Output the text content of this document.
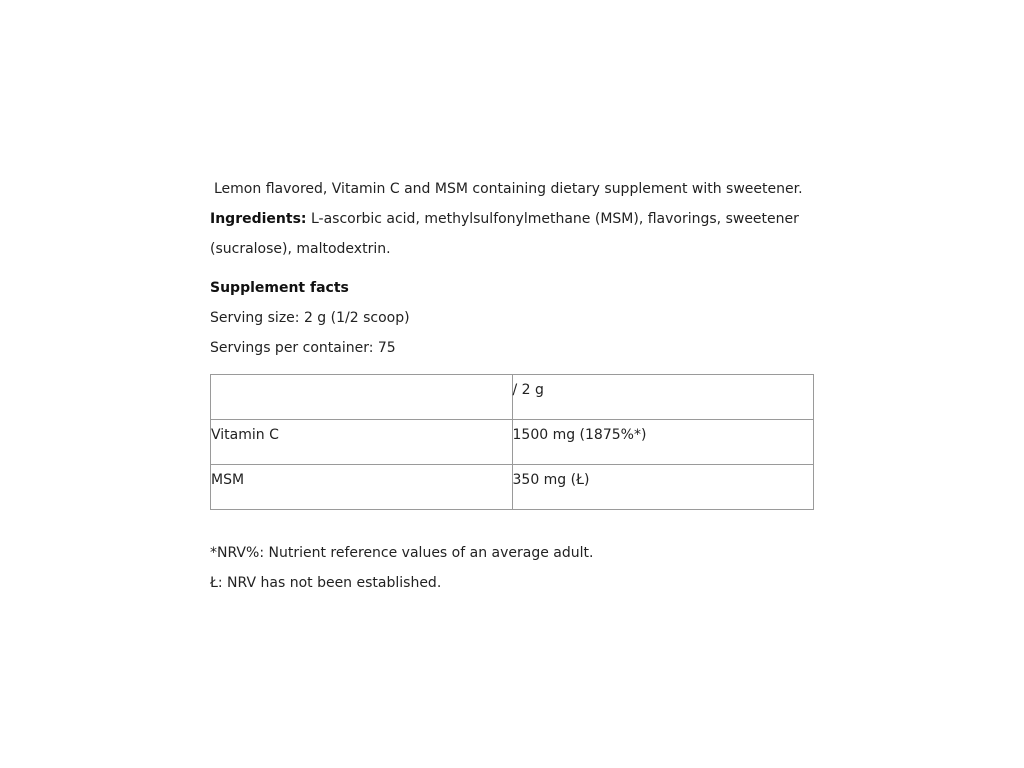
Lemon flavored, Vitamin C and MSM containing dietary supplement with sweetener.
Ingredients: L-ascorbic acid, methylsulfonylmethane (MSM), flavorings, sweetener
(sucralose), maltodextrin.
Supplement facts
Serving size: 2 g (1/2 scoop)
Servings per container: 75
	/ 2 g
Vitamin C	1500 mg (1875%*)
MSM	350 mg (Ł)
*NRV%: Nutrient reference values of an average adult.
Ł: NRV has not been established.
